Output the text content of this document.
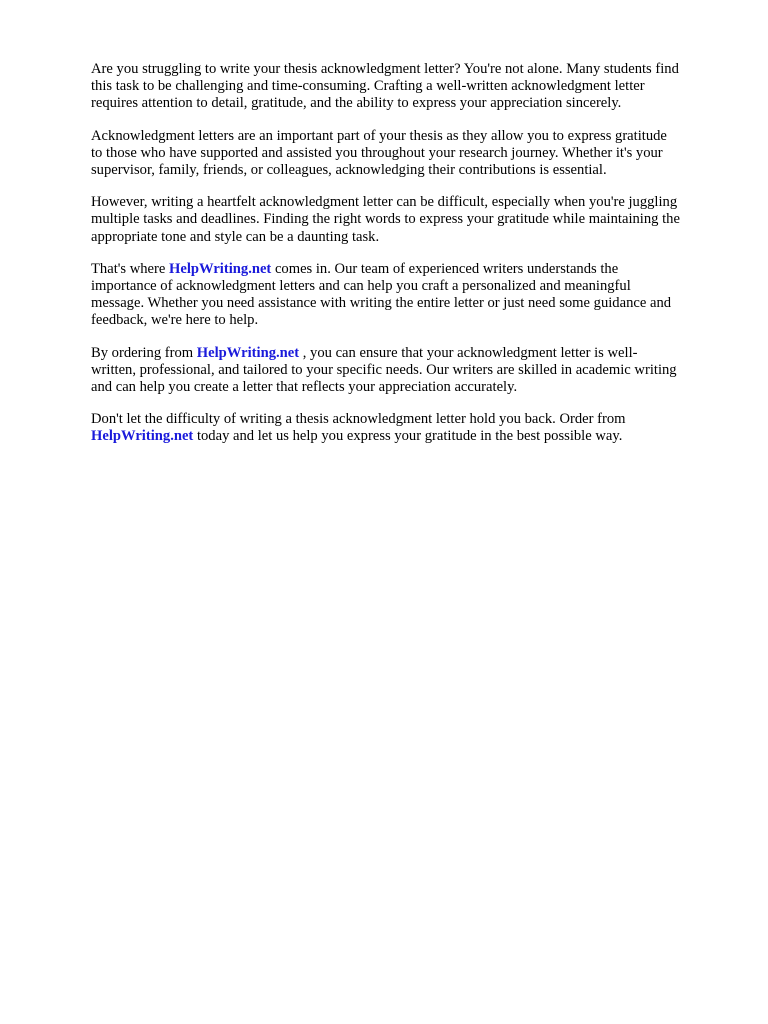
Are you struggling to write your thesis acknowledgment letter? You're not alone. Many students find
this task to be challenging and time-consuming. Crafting a well-written acknowledgment letter
requires attention to detail, gratitude, and the ability to express your appreciation sincerely.

Acknowledgment letters are an important part of your thesis as they allow you to express gratitude
to those who have supported and assisted you throughout your research journey. Whether it's your
supervisor, family, friends, or colleagues, acknowledging their contributions is essential.

However, writing a heartfelt acknowledgment letter can be difficult, especially when you're juggling
multiple tasks and deadlines. Finding the right words to express your gratitude while maintaining the
appropriate tone and style can be a daunting task.

That's where HelpWriting.net comes in. Our team of experienced writers understands the
importance of acknowledgment letters and can help you craft a personalized and meaningful
message. Whether you need assistance with writing the entire letter or just need some guidance and
feedback, we're here to help.

By ordering from HelpWriting.net , you can ensure that your acknowledgment letter is well-
written, professional, and tailored to your specific needs. Our writers are skilled in academic writing
and can help you create a letter that reflects your appreciation accurately.

Don't let the difficulty of writing a thesis acknowledgment letter hold you back. Order from
HelpWriting.net today and let us help you express your gratitude in the best possible way.
